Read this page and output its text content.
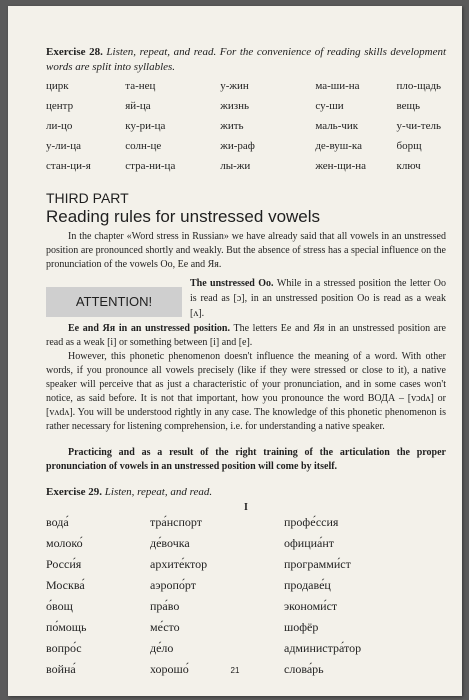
Exercise 28. Listen, repeat, and read. For the convenience of reading skills development words are split into syllables.
цирк	та-нец	у-жин	ма-ши-на	пло-щадь
центр	яй-ца	жизнь	су-ши	вещь
ли-цо	ку-ри-ца	жить	маль-чик	у-чи-тель
у-ли-ца	солн-це	жи-раф	де-вуш-ка	борщ
стан-ци-я	стра-ни-ца	лы-жи	жен-щи-на	ключ
THIRD PART
Reading rules for unstressed vowels
In the chapter «Word stress in Russian» we have already said that all vowels in an unstressed position are pronounced shortly and weakly. But the absence of stress has a special influence on the pronunciation of the vowels Оо, Ее and Яя.
ATTENTION!
The unstressed Оо. While in a stressed position the letter Оо is read as [ɔ], in an unstressed position Оо is read as a weak [ʌ].
Ее and Яя in an unstressed position. The letters Ее and Яя in an unstressed position are read as a weak [i] or something between [i] and [e].
However, this phonetic phenomenon doesn't influence the meaning of a word. With other words, if you pronounce all vowels precisely (like if they were stressed or close to it), a native speaker will perceive that as just a characteristic of your pronunciation, and in some cases won't notice, as said before. It is not that important, how you pronounce the word ВОДА – [vɔdʌ] or [vʌdʌ]. You will be understood rightly in any case. The knowledge of this phonetic phenomenon is rather necessary for listening comprehension, i.e. for understanding a native speaker.
Practicing and as a result of the right training of the articulation the proper pronunciation of vowels in an unstressed position will come by itself.
Exercise 29. Listen, repeat, and read.
I
вода́	тра́нспорт	профе́ссия
молоко́	де́вочка	официа́нт
Росси́я	архите́ктор	программи́ст
Москва́	аэропо́рт	продаве́ц
о́вощ	пра́во	экономи́ст
по́мощь	ме́сто	шофёр
вопро́с	де́ло	администра́тор
война́	хорошо́	слова́рь
21
